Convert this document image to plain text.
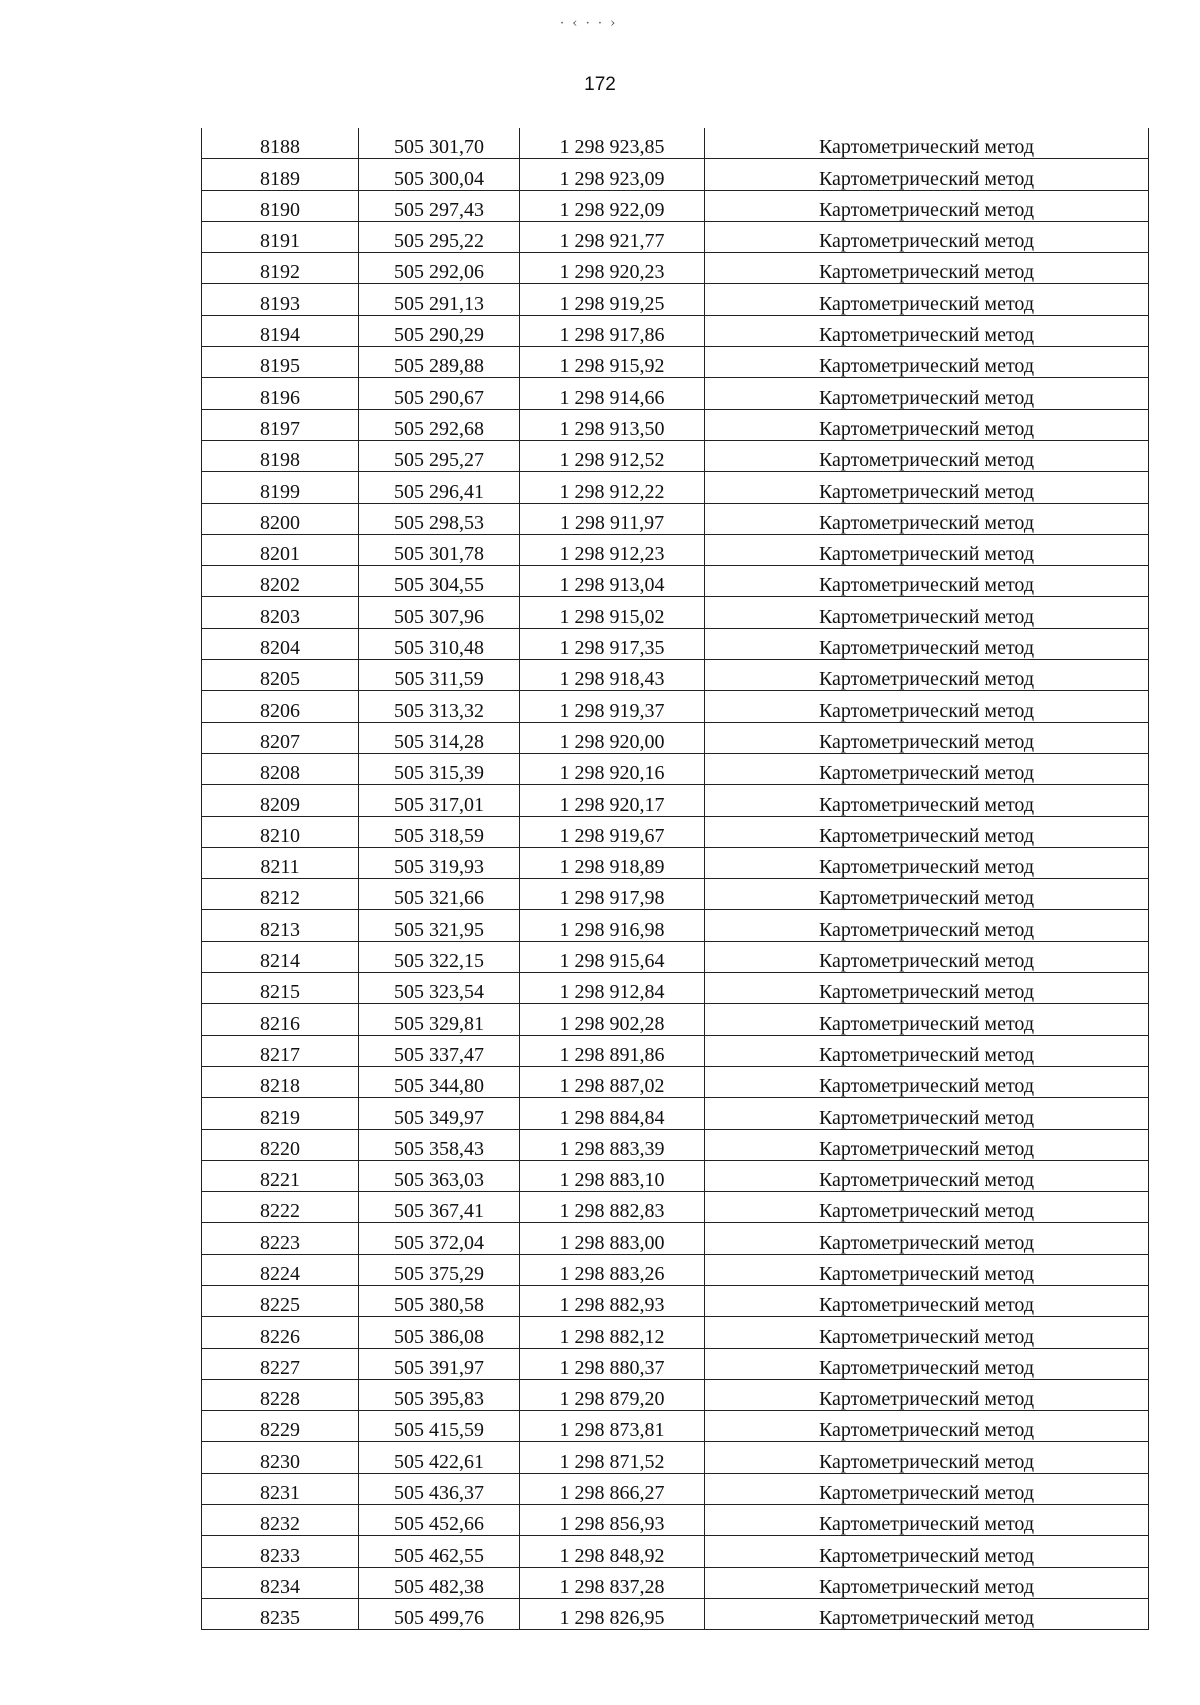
· ‹ · · ›
172
8188	505 301,70	1 298 923,85	Картометрический метод
8189	505 300,04	1 298 923,09	Картометрический метод
8190	505 297,43	1 298 922,09	Картометрический метод
8191	505 295,22	1 298 921,77	Картометрический метод
8192	505 292,06	1 298 920,23	Картометрический метод
8193	505 291,13	1 298 919,25	Картометрический метод
8194	505 290,29	1 298 917,86	Картометрический метод
8195	505 289,88	1 298 915,92	Картометрический метод
8196	505 290,67	1 298 914,66	Картометрический метод
8197	505 292,68	1 298 913,50	Картометрический метод
8198	505 295,27	1 298 912,52	Картометрический метод
8199	505 296,41	1 298 912,22	Картометрический метод
8200	505 298,53	1 298 911,97	Картометрический метод
8201	505 301,78	1 298 912,23	Картометрический метод
8202	505 304,55	1 298 913,04	Картометрический метод
8203	505 307,96	1 298 915,02	Картометрический метод
8204	505 310,48	1 298 917,35	Картометрический метод
8205	505 311,59	1 298 918,43	Картометрический метод
8206	505 313,32	1 298 919,37	Картометрический метод
8207	505 314,28	1 298 920,00	Картометрический метод
8208	505 315,39	1 298 920,16	Картометрический метод
8209	505 317,01	1 298 920,17	Картометрический метод
8210	505 318,59	1 298 919,67	Картометрический метод
8211	505 319,93	1 298 918,89	Картометрический метод
8212	505 321,66	1 298 917,98	Картометрический метод
8213	505 321,95	1 298 916,98	Картометрический метод
8214	505 322,15	1 298 915,64	Картометрический метод
8215	505 323,54	1 298 912,84	Картометрический метод
8216	505 329,81	1 298 902,28	Картометрический метод
8217	505 337,47	1 298 891,86	Картометрический метод
8218	505 344,80	1 298 887,02	Картометрический метод
8219	505 349,97	1 298 884,84	Картометрический метод
8220	505 358,43	1 298 883,39	Картометрический метод
8221	505 363,03	1 298 883,10	Картометрический метод
8222	505 367,41	1 298 882,83	Картометрический метод
8223	505 372,04	1 298 883,00	Картометрический метод
8224	505 375,29	1 298 883,26	Картометрический метод
8225	505 380,58	1 298 882,93	Картометрический метод
8226	505 386,08	1 298 882,12	Картометрический метод
8227	505 391,97	1 298 880,37	Картометрический метод
8228	505 395,83	1 298 879,20	Картометрический метод
8229	505 415,59	1 298 873,81	Картометрический метод
8230	505 422,61	1 298 871,52	Картометрический метод
8231	505 436,37	1 298 866,27	Картометрический метод
8232	505 452,66	1 298 856,93	Картометрический метод
8233	505 462,55	1 298 848,92	Картометрический метод
8234	505 482,38	1 298 837,28	Картометрический метод
8235	505 499,76	1 298 826,95	Картометрический метод
